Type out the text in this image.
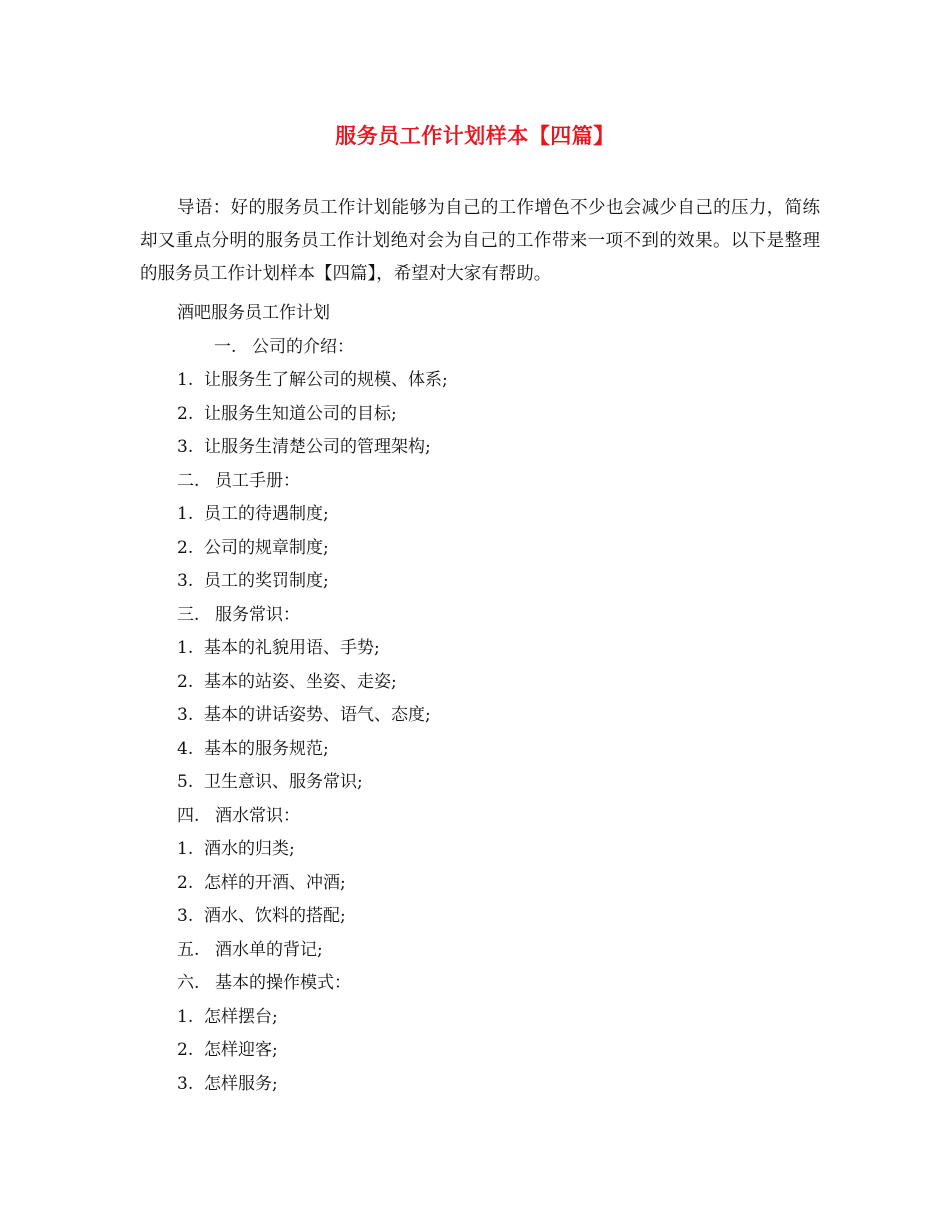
服务员工作计划样本【四篇】
导语：好的服务员工作计划能够为自己的工作增色不少也会减少自己的压力，简练却又重点分明的服务员工作计划绝对会为自己的工作带来一项不到的效果。以下是整理的服务员工作计划样本【四篇】，希望对大家有帮助。
酒吧服务员工作计划
一. 公司的介绍：
1. 让服务生了解公司的规模、体系;
2. 让服务生知道公司的目标;
3. 让服务生清楚公司的管理架构;
二. 员工手册：
1. 员工的待遇制度;
2. 公司的规章制度;
3. 员工的奖罚制度;
三. 服务常识：
1. 基本的礼貌用语、手势;
2. 基本的站姿、坐姿、走姿;
3. 基本的讲话姿势、语气、态度;
4. 基本的服务规范;
5. 卫生意识、服务常识;
四. 酒水常识：
1. 酒水的归类;
2. 怎样的开酒、冲酒;
3. 酒水、饮料的搭配;
五. 酒水单的背记;
六. 基本的操作模式：
1. 怎样摆台;
2. 怎样迎客;
3. 怎样服务;
